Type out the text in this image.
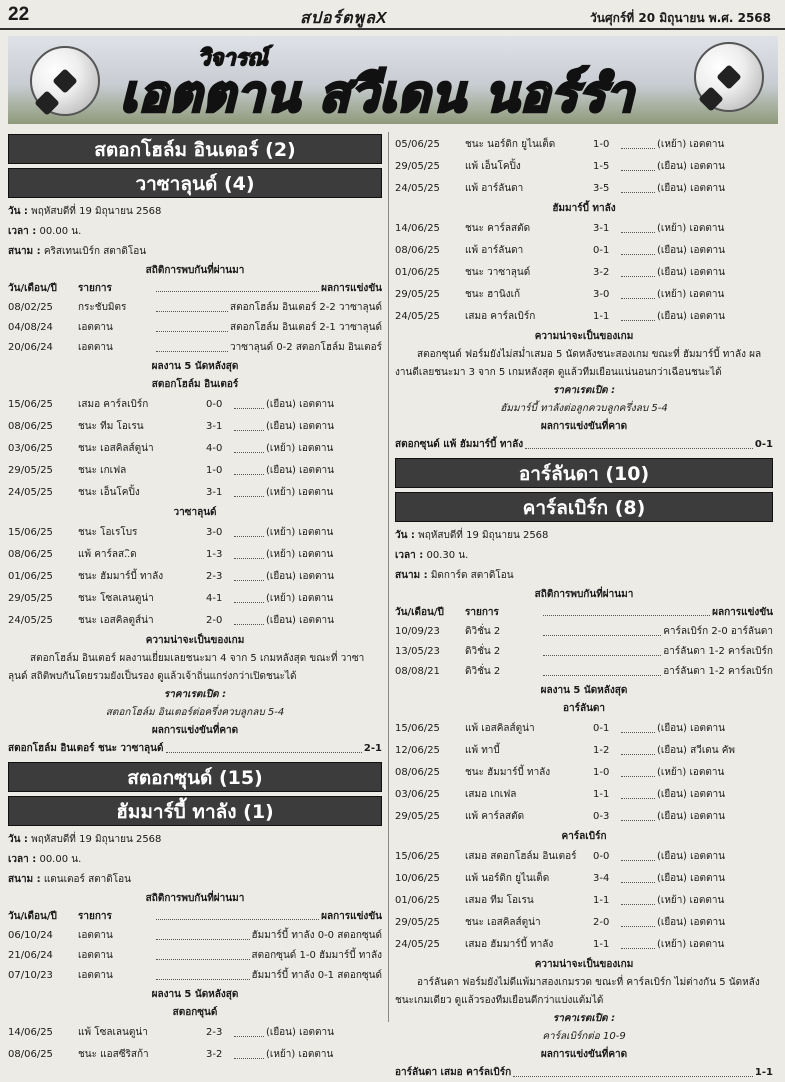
22	สปอร์ตพูลX	วันศุกร์ที่ 20 มิถุนายน พ.ศ. 2568
วิจารณ์
เอตตาน สวีเดน นอร์รำ
สตอกโฮล์ม อินเตอร์ (2)
วาซาลุนด์ (4)
วัน : พฤหัสบดีที่ 19 มิถุนายน 2568
เวลา : 00.00 น.
สนาม : คริสเทนเบิร์ก สตาดิโอน
สถิติการพบกันที่ผ่านมา
วัน/เดือน/ปี	รายการ	ผลการแข่งขัน
08/02/25	กระชับมิตร	สตอกโฮล์ม อินเตอร์ 2-2 วาซาลุนด์
04/08/24	เอตตาน	สตอกโฮล์ม อินเตอร์ 2-1 วาซาลุนด์
20/06/24	เอตตาน	วาซาลุนด์ 0-2 สตอกโฮล์ม อินเตอร์
ผลงาน 5 นัดหลังสุด
สตอกโฮล์ม อินเตอร์
15/06/25	เสมอ คาร์ลเบิร์ก	0-0	(เยือน) เอตตาน
08/06/25	ชนะ ทีม โอเรน	3-1	(เยือน) เอตตาน
03/06/25	ชนะ เอสคิลส์ตูน่า	4-0	(เหย้า) เอตตาน
29/05/25	ชนะ เกเฟล	1-0	(เยือน) เอตตาน
24/05/25	ชนะ เอ็นโคปิ้ง	3-1	(เหย้า) เอตตาน
วาซาลุนด์
15/06/25	ชนะ โอเรโบร	3-0	(เหย้า) เอตตาน
08/06/25	แพ้ คาร์ลส..ิด	1-3	(เหย้า) เอตตาน
01/06/25	ชนะ ฮัมมาร์บี้ ทาลัง	2-3	(เยือน) เอตตาน
29/05/25	ชนะ โซลเลนตูน่า	4-1	(เหย้า) เอตตาน
24/05/25	ชนะ เอสคิลตูส์น่า	2-0	(เยือน) เอตตาน
ความน่าจะเป็นของเกม
สตอกโฮล์ม อินเตอร์ ผลงานเยี่ยมเลยชนะมา 4 จาก 5 เกมหลังสุด ขณะที่ วาซาลุนด์ สถิติพบกันโดยรวมยังเป็นรอง ดูแล้วเจ้าถิ่นแกร่งกว่าเปิดชนะได้
ราคาเรตเปิด :
สตอกโฮล์ม อินเตอร์ต่อครึ่งควบลูกลบ 5-4
ผลการแข่งขันที่คาด
สตอกโฮล์ม อินเตอร์ ชนะ วาซาลุนด์	2-1
สตอกซุนด์ (15)
ฮัมมาร์บี้ ทาลัง (1)
วัน : พฤหัสบดีที่ 19 มิถุนายน 2568
เวลา : 00.00 น.
สนาม : แดนเตอร์ สตาดิโอน
สถิติการพบกันที่ผ่านมา
วัน/เดือน/ปี	รายการ	ผลการแข่งขัน
06/10/24	เอตตาน	ฮัมมาร์บี้ ทาลัง 0-0 สตอกซุนด์
21/06/24	เอตตาน	สตอกซุนด์ 1-0 ฮัมมาร์บี้ ทาลัง
07/10/23	เอตตาน	ฮัมมาร์บี้ ทาลัง 0-1 สตอกซุนด์
ผลงาน 5 นัดหลังสุด
สตอกซุนด์
14/06/25	แพ้ โซลเลนตูน่า	2-3	(เยือน) เอตตาน
08/06/25	ชนะ แอสซีริสก้า	3-2	(เหย้า) เอตตาน
05/06/25	ชนะ นอร์ดิก ยูไนเต็ด	1-0	(เหย้า) เอตตาน
29/05/25	แพ้ เอ็นโคปิ้ง	1-5	(เยือน) เอตตาน
24/05/25	แพ้ อาร์ลันดา	3-5	(เยือน) เอตตาน
ฮัมมาร์บี้ ทาลัง
14/06/25	ชนะ คาร์ลสตัด	3-1	(เหย้า) เอตตาน
08/06/25	แพ้ อาร์ลันดา	0-1	(เยือน) เอตตาน
01/06/25	ชนะ วาซาลุนด์	3-2	(เยือน) เอตตาน
29/05/25	ชนะ ฮานิงเก้	3-0	(เหย้า) เอตตาน
24/05/25	เสมอ คาร์ลเบิร์ก	1-1	(เยือน) เอตตาน
ความน่าจะเป็นของเกม
สตอกซุนด์ ฟอร์มยังไม่สม่ำเสมอ 5 นัดหลังชนะสองเกม ขณะที่ ฮัมมาร์บี้ ทาลัง ผลงานดีเลยชนะมา 3 จาก 5 เกมหลังสุด ดูแล้วทีมเยือนแน่นอนกว่าเฉือนชนะได้
ราคาเรตเปิด :
ฮัมมาร์บี้ ทาลังต่อลูกควบลูกครึ่งลบ 5-4
ผลการแข่งขันที่คาด
สตอกซุนด์ แพ้ ฮัมมาร์บี้ ทาลัง	0-1
อาร์ลันดา (10)
คาร์ลเบิร์ก (8)
วัน : พฤหัสบดีที่ 19 มิถุนายน 2568
เวลา : 00.30 น.
สนาม : มิดการ์ด สตาดิโอน
สถิติการพบกันที่ผ่านมา
วัน/เดือน/ปี	รายการ	ผลการแข่งขัน
10/09/23	ดิวิชั่น 2	คาร์ลเบิร์ก 2-0 อาร์ลันดา
13/05/23	ดิวิชั่น 2	อาร์ลันดา 1-2 คาร์ลเบิร์ก
08/08/21	ดิวิชั่น 2	อาร์ลันดา 1-2 คาร์ลเบิร์ก
ผลงาน 5 นัดหลังสุด
อาร์ลันดา
15/06/25	แพ้ เอสคิลส์ตูน่า	0-1	(เยือน) เอตตาน
12/06/25	แพ้ ทาบี้	1-2	(เยือน) สวีเดน คัพ
08/06/25	ชนะ ฮัมมาร์บี้ ทาลัง	1-0	(เหย้า) เอตตาน
03/06/25	เสมอ เกเฟล	1-1	(เยือน) เอตตาน
29/05/25	แพ้ คาร์ลสตัด	0-3	(เยือน) เอตตาน
คาร์ลเบิร์ก
15/06/25	เสมอ สตอกโฮล์ม อินเตอร์	0-0	(เยือน) เอตตาน
10/06/25	แพ้ นอร์ดิก ยูไนเต็ด	3-4	(เยือน) เอตตาน
01/06/25	เสมอ ทีม โอเรน	1-1	(เหย้า) เอตตาน
29/05/25	ชนะ เอสคิลส์ตูน่า	2-0	(เยือน) เอตตาน
24/05/25	เสมอ ฮัมมาร์บี้ ทาลัง	1-1	(เหย้า) เอตตาน
ความน่าจะเป็นของเกม
อาร์ลันดา ฟอร์มยังไม่ดีแพ้มาสองเกมรวด ขณะที่ คาร์ลเบิร์ก ไม่ต่างกัน 5 นัดหลังชนะเกมเดียว ดูแล้วรองทีมเยือนดีกว่าแบ่งแต้มได้
ราคาเรตเปิด :
คาร์ลเบิร์กต่อ 10-9
ผลการแข่งขันที่คาด
อาร์ลันดา เสมอ คาร์ลเบิร์ก	1-1
